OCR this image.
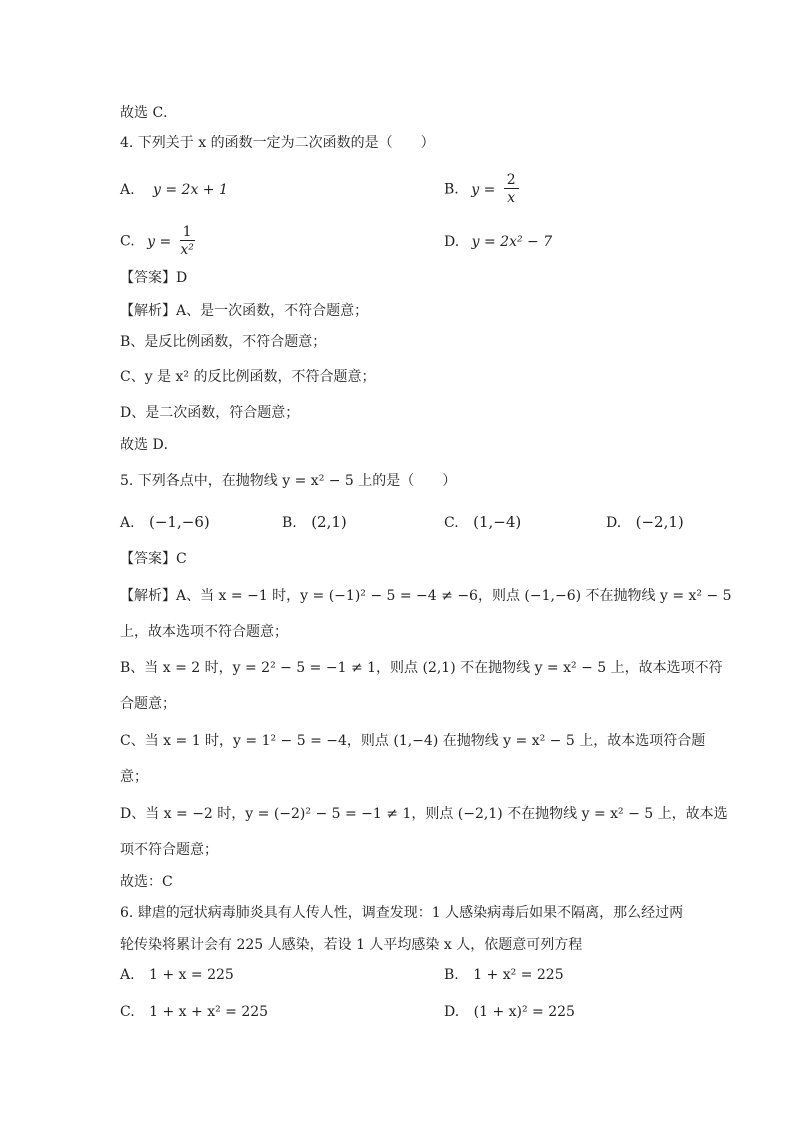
故选 C．
4. 下列关于 x 的函数一定为二次函数的是（　　）
A. y = 2x + 1	B. $y = \frac{2}{x}$
C. $y = \frac{1}{\text{x²}}$	D. y = 2x² − 7
【答案】D
【解析】A、是一次函数，不符合题意；
B、是反比例函数，不符合题意；
C、y 是 x² 的反比例函数，不符合题意；
D、是二次函数，符合题意；
故选 D．
5. 下列各点中，在抛物线 y = x² − 5 上的是（　　）
A. (−1,−6)	B. (2,1)	C. (1,−4)	D. (−2,1)
【答案】C
【解析】A、当 x = −1 时，y = (−1)² − 5 = −4 ≠ −6，则点 (−1,−6) 不在抛物线 y = x² − 5
上，故本选项不符合题意；
B、当 x = 2 时，y = 2² − 5 = −1 ≠ 1，则点 (2,1) 不在抛物线 y = x² − 5 上，故本选项不符
合题意；
C、当 x = 1 时，y = 1² − 5 = −4，则点 (1,−4) 在抛物线 y = x² − 5 上，故本选项符合题
意；
D、当 x = −2 时，y = (−2)² − 5 = −1 ≠ 1，则点 (−2,1) 不在抛物线 y = x² − 5 上，故本选
项不符合题意；
故选：C
6. 肆虐的冠状病毒肺炎具有人传人性，调查发现：1 人感染病毒后如果不隔离，那么经过两
轮传染将累计会有 225 人感染，若设 1 人平均感染 x 人，依题意可列方程
A. 1 + x = 225	B. 1 + x² = 225
C. 1 + x + x² = 225	D. (1 + x)² = 225
